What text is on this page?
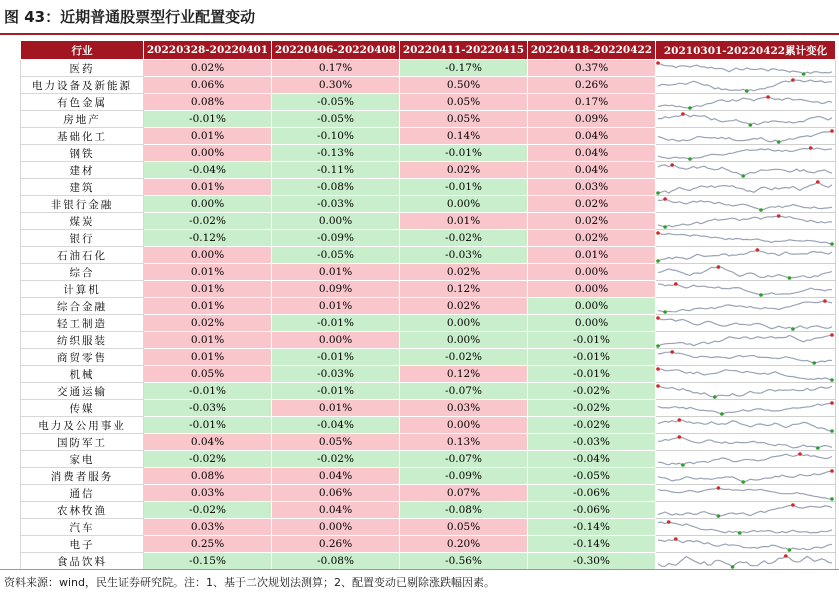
图 43：近期普通股票型行业配置变动
行业	20220328-20220401	20220406-20220408	20220411-20220415	20220418-20220422	20210301-20220422累计变化
医药	0.02%	0.17%	-0.17%	0.37%	

电力设备及新能源	0.06%	0.30%	0.50%	0.26%	

有色金属	0.08%	-0.05%	0.05%	0.17%	

房地产	-0.01%	-0.05%	0.05%	0.09%	

基础化工	0.01%	-0.10%	0.14%	0.04%	

钢铁	0.00%	-0.13%	-0.01%	0.04%	

建材	-0.04%	-0.11%	0.02%	0.04%	

建筑	0.01%	-0.08%	-0.01%	0.03%	

非银行金融	0.00%	-0.03%	0.00%	0.02%	

煤炭	-0.02%	0.00%	0.01%	0.02%	

银行	-0.12%	-0.09%	-0.02%	0.02%	

石油石化	0.00%	-0.05%	-0.03%	0.01%	

综合	0.01%	0.01%	0.02%	0.00%	

计算机	0.01%	0.09%	0.12%	0.00%	

综合金融	0.01%	0.01%	0.02%	0.00%	

轻工制造	0.02%	-0.01%	0.00%	0.00%	

纺织服装	0.01%	0.00%	0.00%	-0.01%	

商贸零售	0.01%	-0.01%	-0.02%	-0.01%	

机械	0.05%	-0.03%	0.12%	-0.01%	

交通运输	-0.01%	-0.01%	-0.07%	-0.02%	

传媒	-0.03%	0.01%	0.03%	-0.02%	

电力及公用事业	-0.01%	-0.04%	0.00%	-0.02%	

国防军工	0.04%	0.05%	0.13%	-0.03%	

家电	-0.02%	-0.02%	-0.07%	-0.04%	

消费者服务	0.08%	0.04%	-0.09%	-0.05%	

通信	0.03%	0.06%	0.07%	-0.06%	

农林牧渔	-0.02%	0.04%	-0.08%	-0.06%	

汽车	0.03%	0.00%	0.05%	-0.14%	

电子	0.25%	0.26%	0.20%	-0.14%	

食品饮料	-0.15%	-0.08%	-0.56%	-0.30%	
资料来源：wind，民生证券研究院。注：1、基于二次规划法测算；2、配置变动已剔除涨跌幅因素。
